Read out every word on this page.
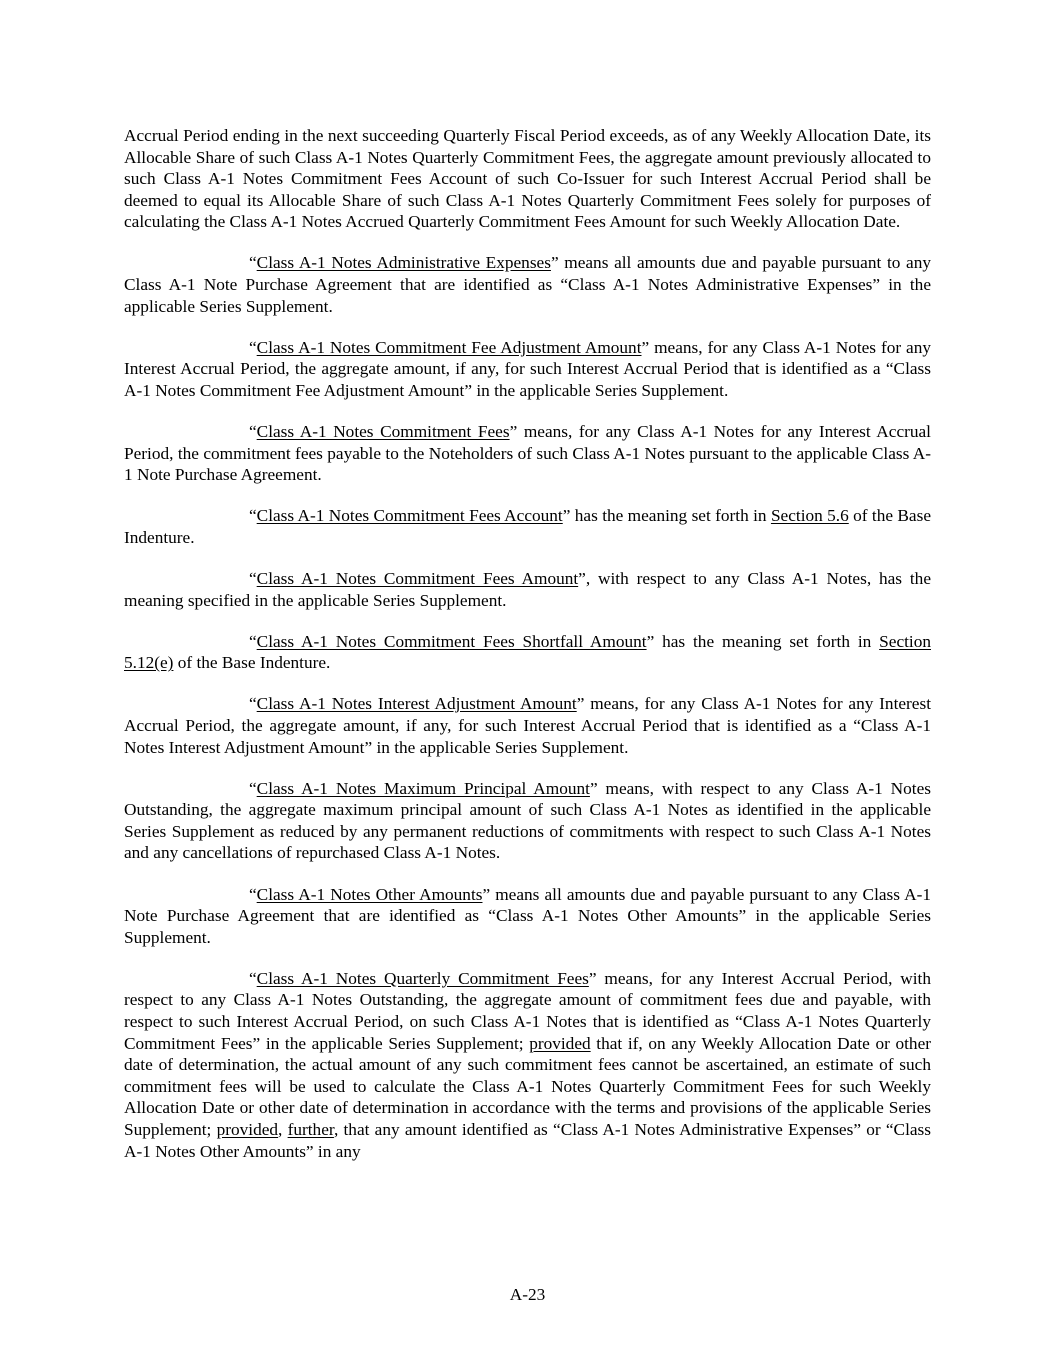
Accrual Period ending in the next succeeding Quarterly Fiscal Period exceeds, as of any Weekly Allocation Date, its Allocable Share of such Class A-1 Notes Quarterly Commitment Fees, the aggregate amount previously allocated to such Class A-1 Notes Commitment Fees Account of such Co-Issuer for such Interest Accrual Period shall be deemed to equal its Allocable Share of such Class A-1 Notes Quarterly Commitment Fees solely for purposes of calculating the Class A-1 Notes Accrued Quarterly Commitment Fees Amount for such Weekly Allocation Date.

“Class A-1 Notes Administrative Expenses” means all amounts due and payable pursuant to any Class A-1 Note Purchase Agreement that are identified as “Class A-1 Notes Administrative Expenses” in the applicable Series Supplement.

“Class A-1 Notes Commitment Fee Adjustment Amount” means, for any Class A-1 Notes for any Interest Accrual Period, the aggregate amount, if any, for such Interest Accrual Period that is identified as a “Class A-1 Notes Commitment Fee Adjustment Amount” in the applicable Series Supplement.

“Class A-1 Notes Commitment Fees” means, for any Class A-1 Notes for any Interest Accrual Period, the commitment fees payable to the Noteholders of such Class A-1 Notes pursuant to the applicable Class A-1 Note Purchase Agreement.

“Class A-1 Notes Commitment Fees Account” has the meaning set forth in Section 5.6 of the Base Indenture.

“Class A-1 Notes Commitment Fees Amount”, with respect to any Class A-1 Notes, has the meaning specified in the applicable Series Supplement.

“Class A-1 Notes Commitment Fees Shortfall Amount” has the meaning set forth in Section 5.12(e) of the Base Indenture.

“Class A-1 Notes Interest Adjustment Amount” means, for any Class A-1 Notes for any Interest Accrual Period, the aggregate amount, if any, for such Interest Accrual Period that is identified as a “Class A-1 Notes Interest Adjustment Amount” in the applicable Series Supplement.

“Class A-1 Notes Maximum Principal Amount” means, with respect to any Class A-1 Notes Outstanding, the aggregate maximum principal amount of such Class A-1 Notes as identified in the applicable Series Supplement as reduced by any permanent reductions of commitments with respect to such Class A-1 Notes and any cancellations of repurchased Class A-1 Notes.

“Class A-1 Notes Other Amounts” means all amounts due and payable pursuant to any Class A-1 Note Purchase Agreement that are identified as “Class A-1 Notes Other Amounts” in the applicable Series Supplement.

“Class A-1 Notes Quarterly Commitment Fees” means, for any Interest Accrual Period, with respect to any Class A-1 Notes Outstanding, the aggregate amount of commitment fees due and payable, with respect to such Interest Accrual Period, on such Class A-1 Notes that is identified as “Class A-1 Notes Quarterly Commitment Fees” in the applicable Series Supplement; provided that if, on any Weekly Allocation Date or other date of determination, the actual amount of any such commitment fees cannot be ascertained, an estimate of such commitment fees will be used to calculate the Class A-1 Notes Quarterly Commitment Fees for such Weekly Allocation Date or other date of determination in accordance with the terms and provisions of the applicable Series Supplement; provided, further, that any amount identified as “Class A-1 Notes Administrative Expenses” or “Class A-1 Notes Other Amounts” in any

A-23
